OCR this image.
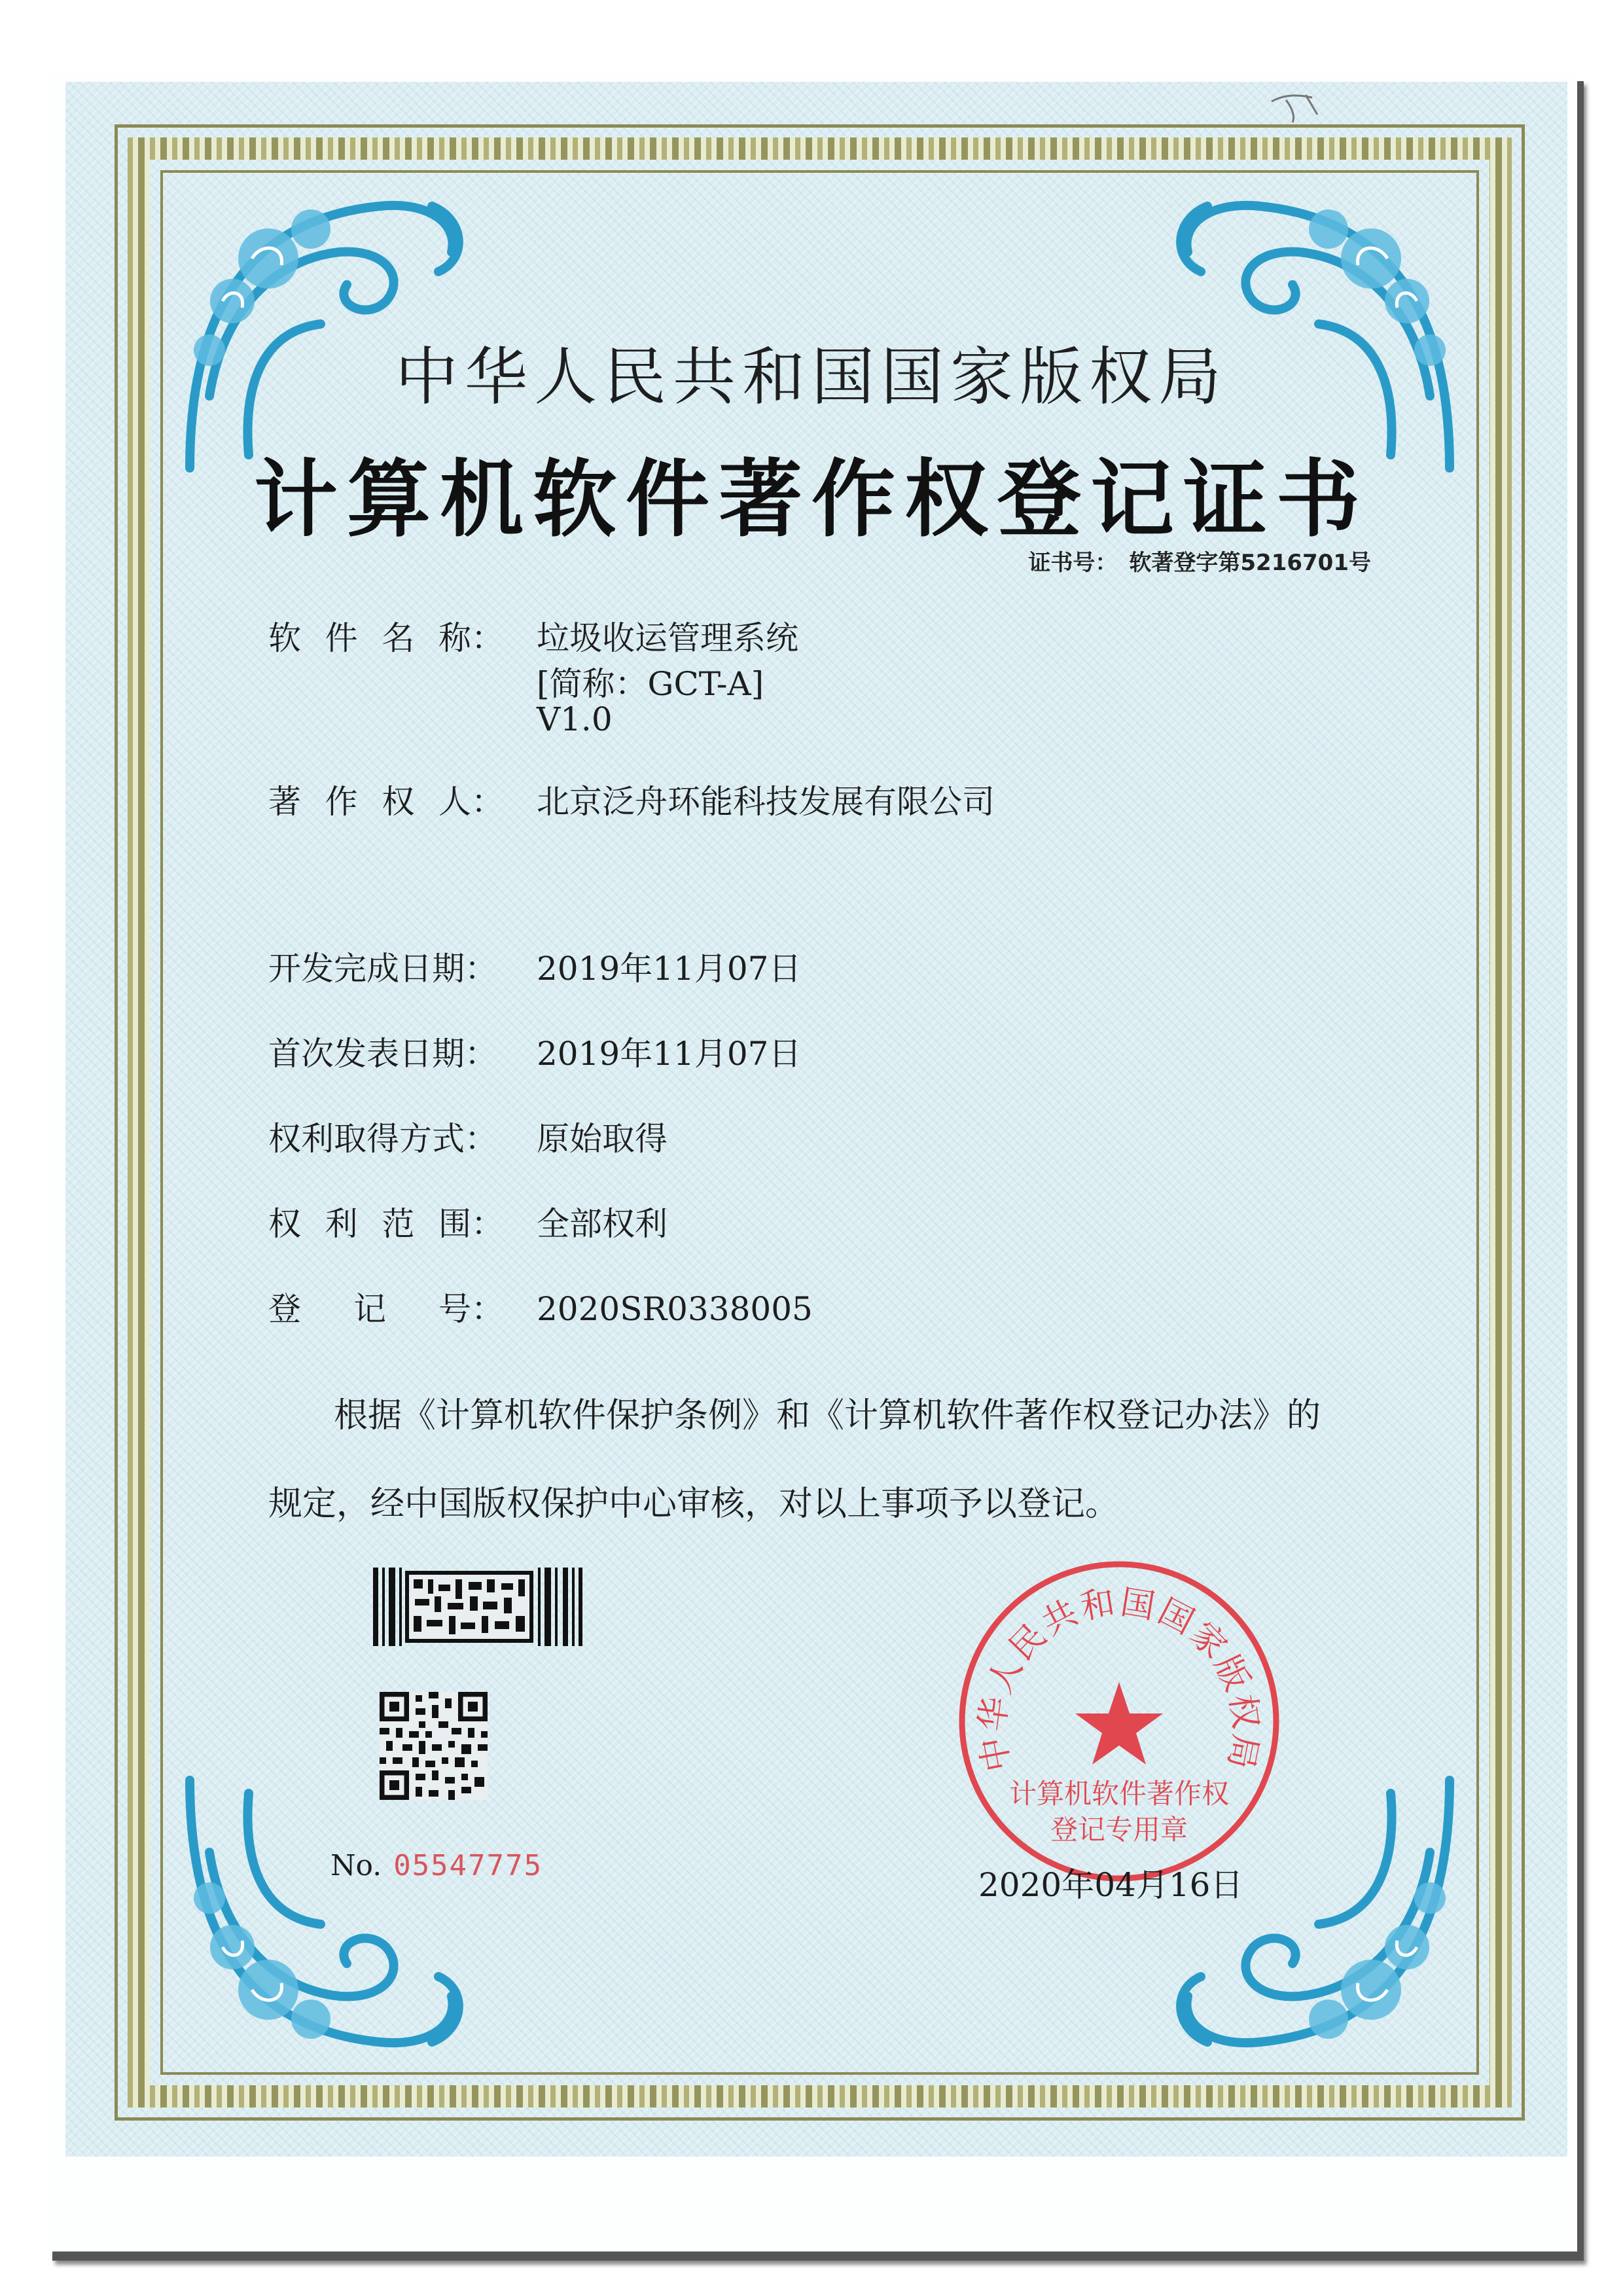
中华人民共和国国家版权局
计算机软件著作权登记证书
证书号： 软著登字第5216701号
软 件 名 称： 垃圾收运管理系统
[简称：GCT-A]
V1.0
著 作 权 人： 北京泛舟环能科技发展有限公司
开发完成日期： 2019年11月07日
首次发表日期： 2019年11月07日
权利取得方式： 原始取得
权 利 范 围： 全部权利
登 记 号： 2020SR0338005
根据《计算机软件保护条例》和《计算机软件著作权登记办法》的
规定，经中国版权保护中心审核，对以上事项予以登记。
No. 05547775
中华人民共和国国家版权局
计算机软件著作权
登记专用章
2020年04月16日
